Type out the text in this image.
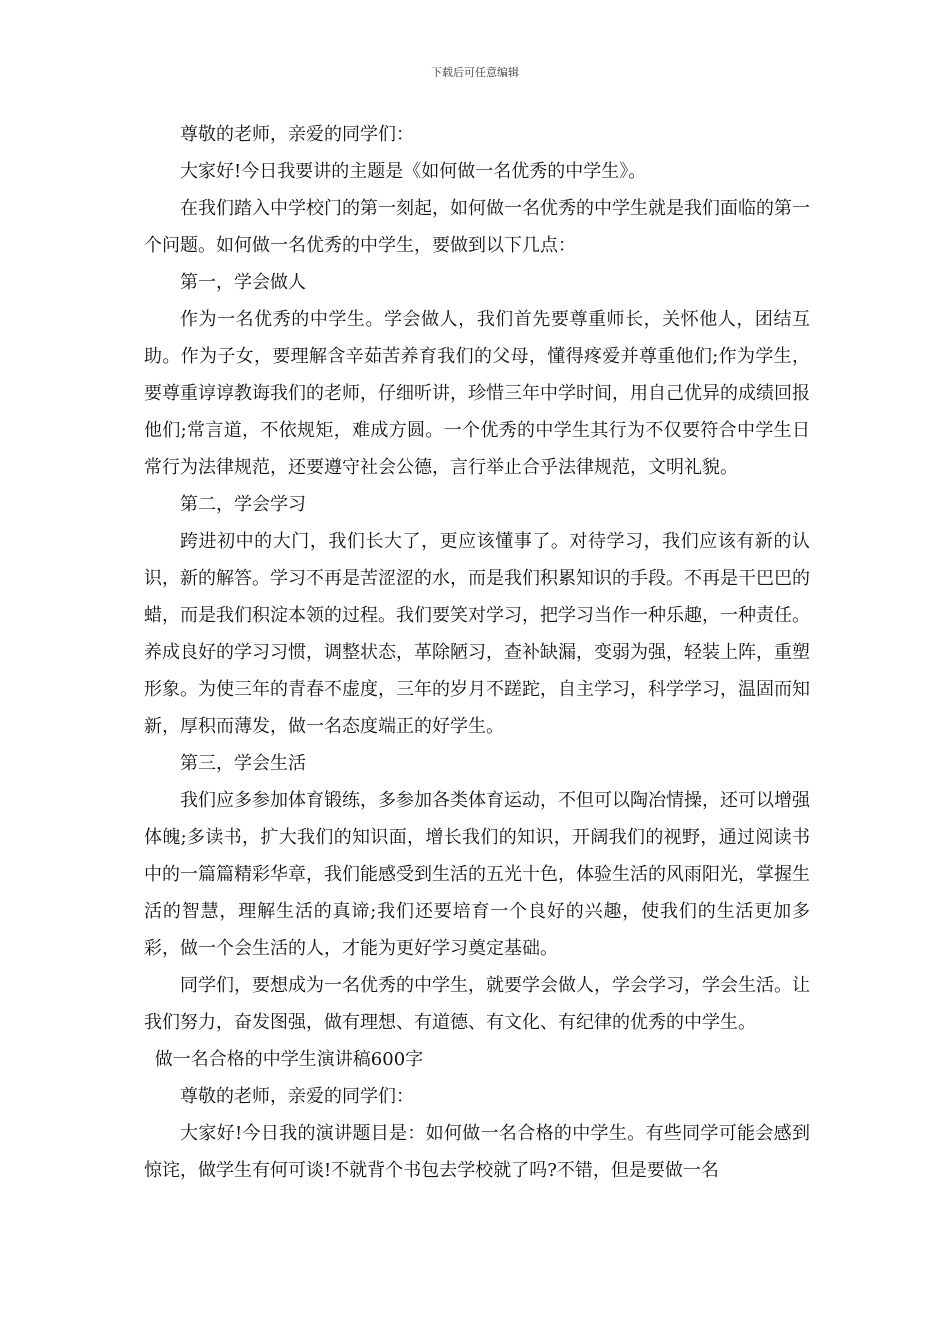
下载后可任意编辑

尊敬的老师，亲爱的同学们：

大家好!今日我要讲的主题是《如何做一名优秀的中学生》。

在我们踏入中学校门的第一刻起，如何做一名优秀的中学生就是我们面临的第一个问题。如何做一名优秀的中学生，要做到以下几点：

第一，学会做人

作为一名优秀的中学生。学会做人，我们首先要尊重师长，关怀他人，团结互助。作为子女，要理解含辛茹苦养育我们的父母，懂得疼爱并尊重他们;作为学生，要尊重谆谆教诲我们的老师，仔细听讲，珍惜三年中学时间，用自己优异的成绩回报他们;常言道，不依规矩，难成方圆。一个优秀的中学生其行为不仅要符合中学生日常行为法律规范，还要遵守社会公德，言行举止合乎法律规范，文明礼貌。

第二，学会学习

跨进初中的大门，我们长大了，更应该懂事了。对待学习，我们应该有新的认识，新的解答。学习不再是苦涩涩的水，而是我们积累知识的手段。不再是干巴巴的蜡，而是我们积淀本领的过程。我们要笑对学习，把学习当作一种乐趣，一种责任。养成良好的学习习惯，调整状态，革除陋习，查补缺漏，变弱为强，轻装上阵，重塑形象。为使三年的青春不虚度，三年的岁月不蹉跎，自主学习，科学学习，温固而知新，厚积而薄发，做一名态度端正的好学生。

第三，学会生活

我们应多参加体育锻练，多参加各类体育运动，不但可以陶冶情操，还可以增强体魄;多读书，扩大我们的知识面，增长我们的知识，开阔我们的视野，通过阅读书中的一篇篇精彩华章，我们能感受到生活的五光十色，体验生活的风雨阳光，掌握生活的智慧，理解生活的真谛;我们还要培育一个良好的兴趣，使我们的生活更加多彩，做一个会生活的人，才能为更好学习奠定基础。

同学们，要想成为一名优秀的中学生，就要学会做人，学会学习，学会生活。让我们努力，奋发图强，做有理想、有道德、有文化、有纪律的优秀的中学生。

做一名合格的中学生演讲稿600字

尊敬的老师，亲爱的同学们：

大家好!今日我的演讲题目是：如何做一名合格的中学生。有些同学可能会感到惊诧，做学生有何可谈!不就背个书包去学校就了吗?不错，但是要做一名
